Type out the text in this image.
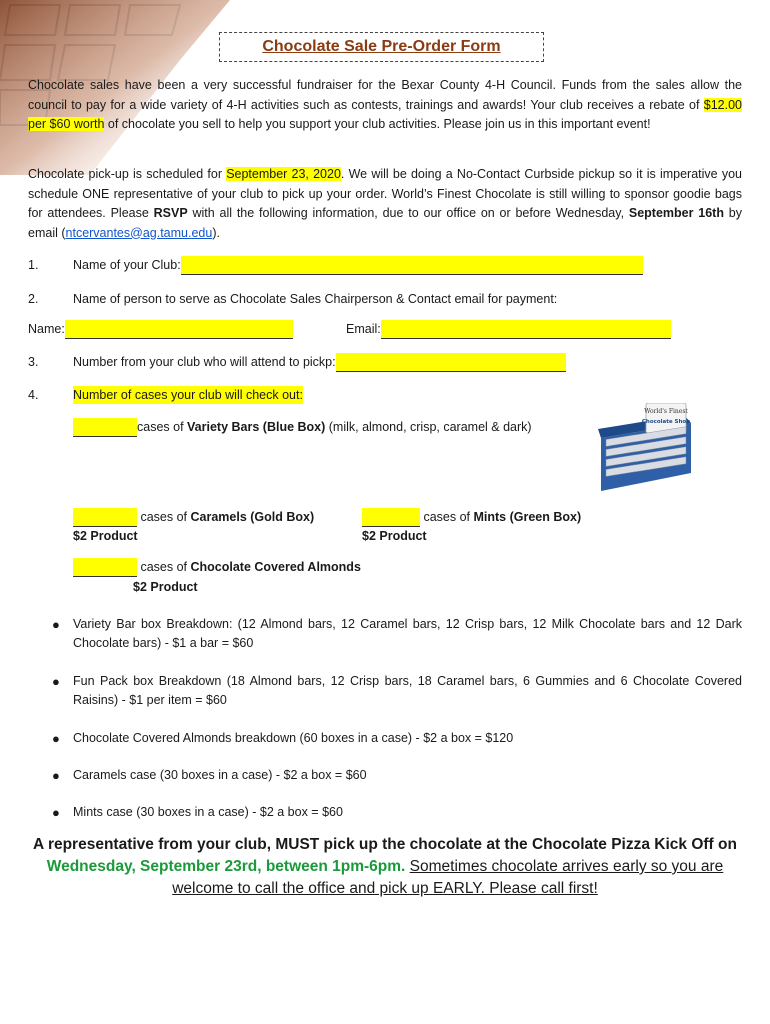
Chocolate Sale Pre-Order Form

Chocolate sales have been a very successful fundraiser for the Bexar County 4-H Council. Funds from the sales allow the council to pay for a wide variety of 4-H activities such as contests, trainings and awards! Your club receives a rebate of $12.00 per $60 worth of chocolate you sell to help you support your club activities. Please join us in this important event!

Chocolate pick-up is scheduled for September 23, 2020. We will be doing a No-Contact Curbside pickup so it is imperative you schedule ONE representative of your club to pick up your order. World’s Finest Chocolate is still willing to sponsor goodie bags for attendees. Please RSVP with all the following information, due to our office on or before Wednesday, September 16th by email (ntcervantes@ag.tamu.edu).

1.	Name of your Club:
2.	Name of person to serve as Chocolate Sales Chairperson & Contact email for payment:
Name:	Email:
3.	Number from your club who will attend to pickp:
4.	Number of cases your club will check out:
cases of Variety Bars (Blue Box) (milk, almond, crisp, caramel & dark)
World's Finest
Chocolate Shop
cases of Caramels (Gold Box)
$2 Product
cases of Mints (Green Box)
$2 Product
cases of Chocolate Covered Almonds
$2 Product
● Variety Bar box Breakdown: (12 Almond bars, 12 Caramel bars, 12 Crisp bars, 12 Milk Chocolate bars and 12 Dark Chocolate bars) - $1 a bar = $60

● Fun Pack box Breakdown (18 Almond bars, 12 Crisp bars, 18 Caramel bars, 6 Gummies and 6 Chocolate Covered Raisins) - $1 per item = $60

● Chocolate Covered Almonds breakdown (60 boxes in a case) - $2 a box = $120

● Caramels case (30 boxes in a case) - $2 a box = $60

● Mints case (30 boxes in a case) - $2 a box = $60

A representative from your club, MUST pick up the chocolate at the Chocolate Pizza Kick Off on
Wednesday, September 23rd, between 1pm-6pm. Sometimes chocolate arrives early so you are welcome to call the office and pick up EARLY. Please call first!
